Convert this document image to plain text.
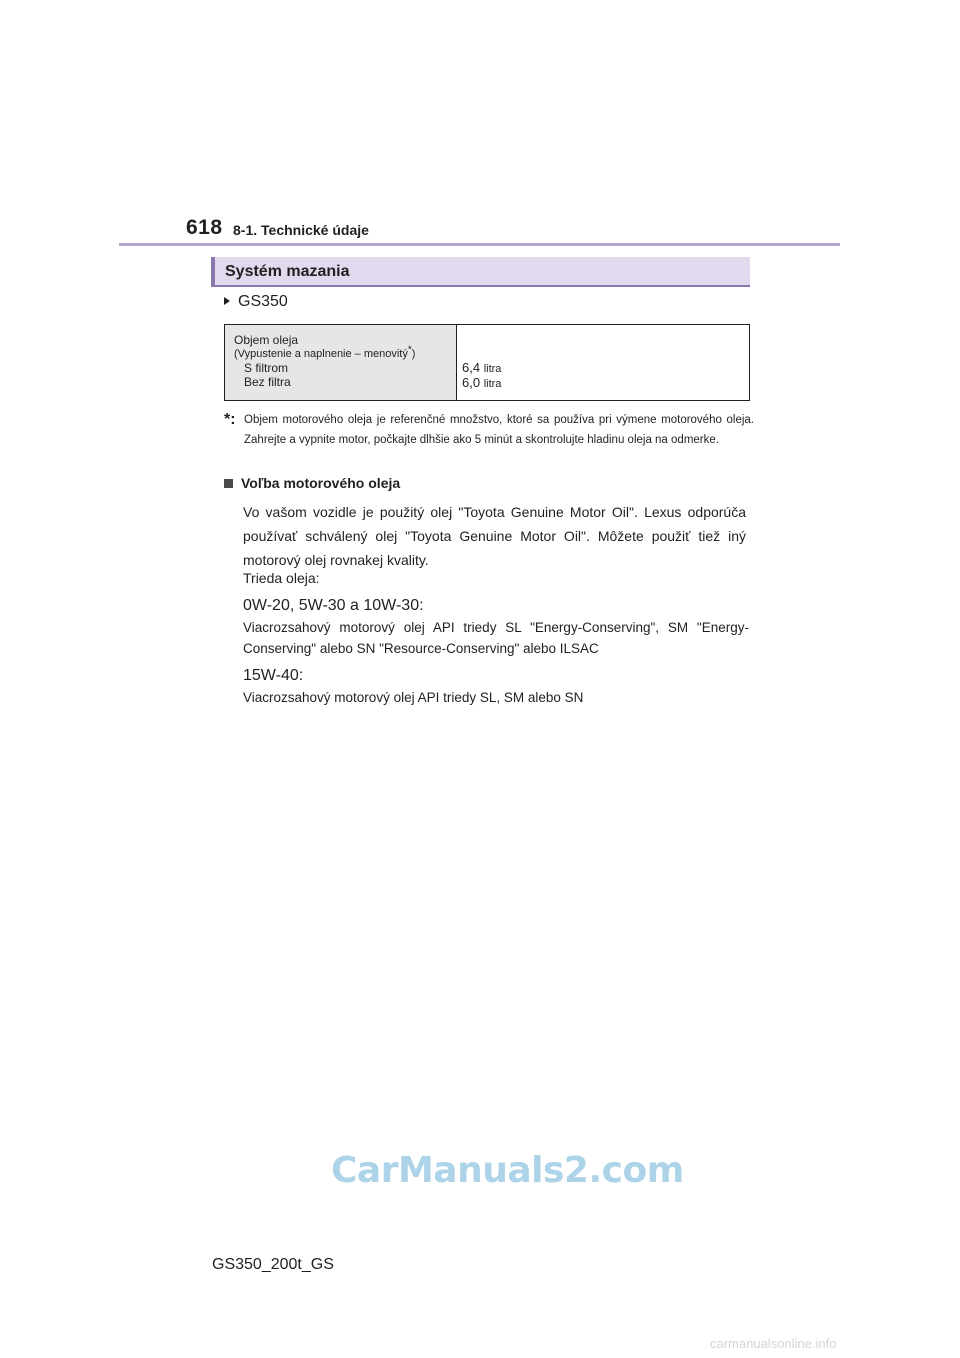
618 8-1. Technické údaje
Systém mazania
GS350
Objem oleja
(Vypustenie a naplnenie – menovitý*)
S filtrom
Bez filtra
6,4 litra
6,0 litra
*: Objem motorového oleja je referenčné množstvo, ktoré sa používa pri výmene motorového oleja. Zahrejte a vypnite motor, počkajte dlhšie ako 5 minút a skontrolujte hladinu oleja na odmerke.
Voľba motorového oleja

Vo vašom vozidle je použitý olej "Toyota Genuine Motor Oil". Lexus odporúča používať schválený olej "Toyota Genuine Motor Oil". Môžete použiť tiež iný motorový olej rovnakej kvality.

Trieda oleja:
0W-20, 5W-30 a 10W-30:

Viacrozsahový motorový olej API triedy SL "Energy-Conserving", SM "Energy-Conserving" alebo SN "Resource-Conserving" alebo ILSAC

15W-40:

Viacrozsahový motorový olej API triedy SL, SM alebo SN

CarManuals2.com
GS350_200t_GS
carmanualsonline.info
